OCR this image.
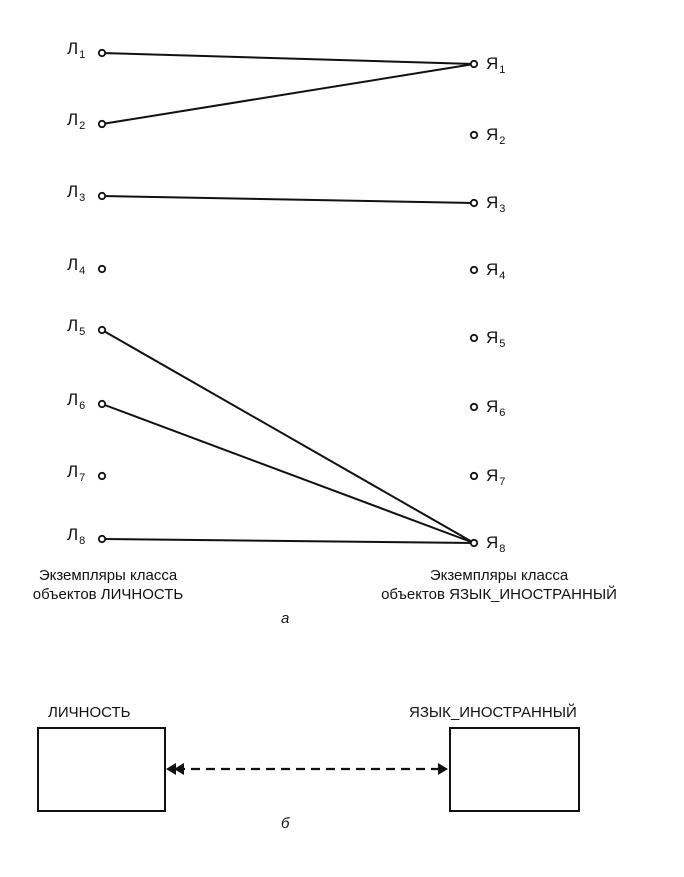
$Л_1$
$Л_2$
$Л_3$
$Л_4$
$Л_5$
$Л_6$
$Л_7$
$Л_8$
$Я_1$
$Я_2$
$Я_3$
$Я_4$
$Я_5$
$Я_6$
$Я_7$
$Я_8$
Экземпляры класса
объектов ЛИЧНОСТЬ
Экземпляры класса
объектов ЯЗЫК_ИНОСТРАННЫЙ
а
ЛИЧНОСТЬ	ЯЗЫК_ИНОСТРАННЫЙ
б
